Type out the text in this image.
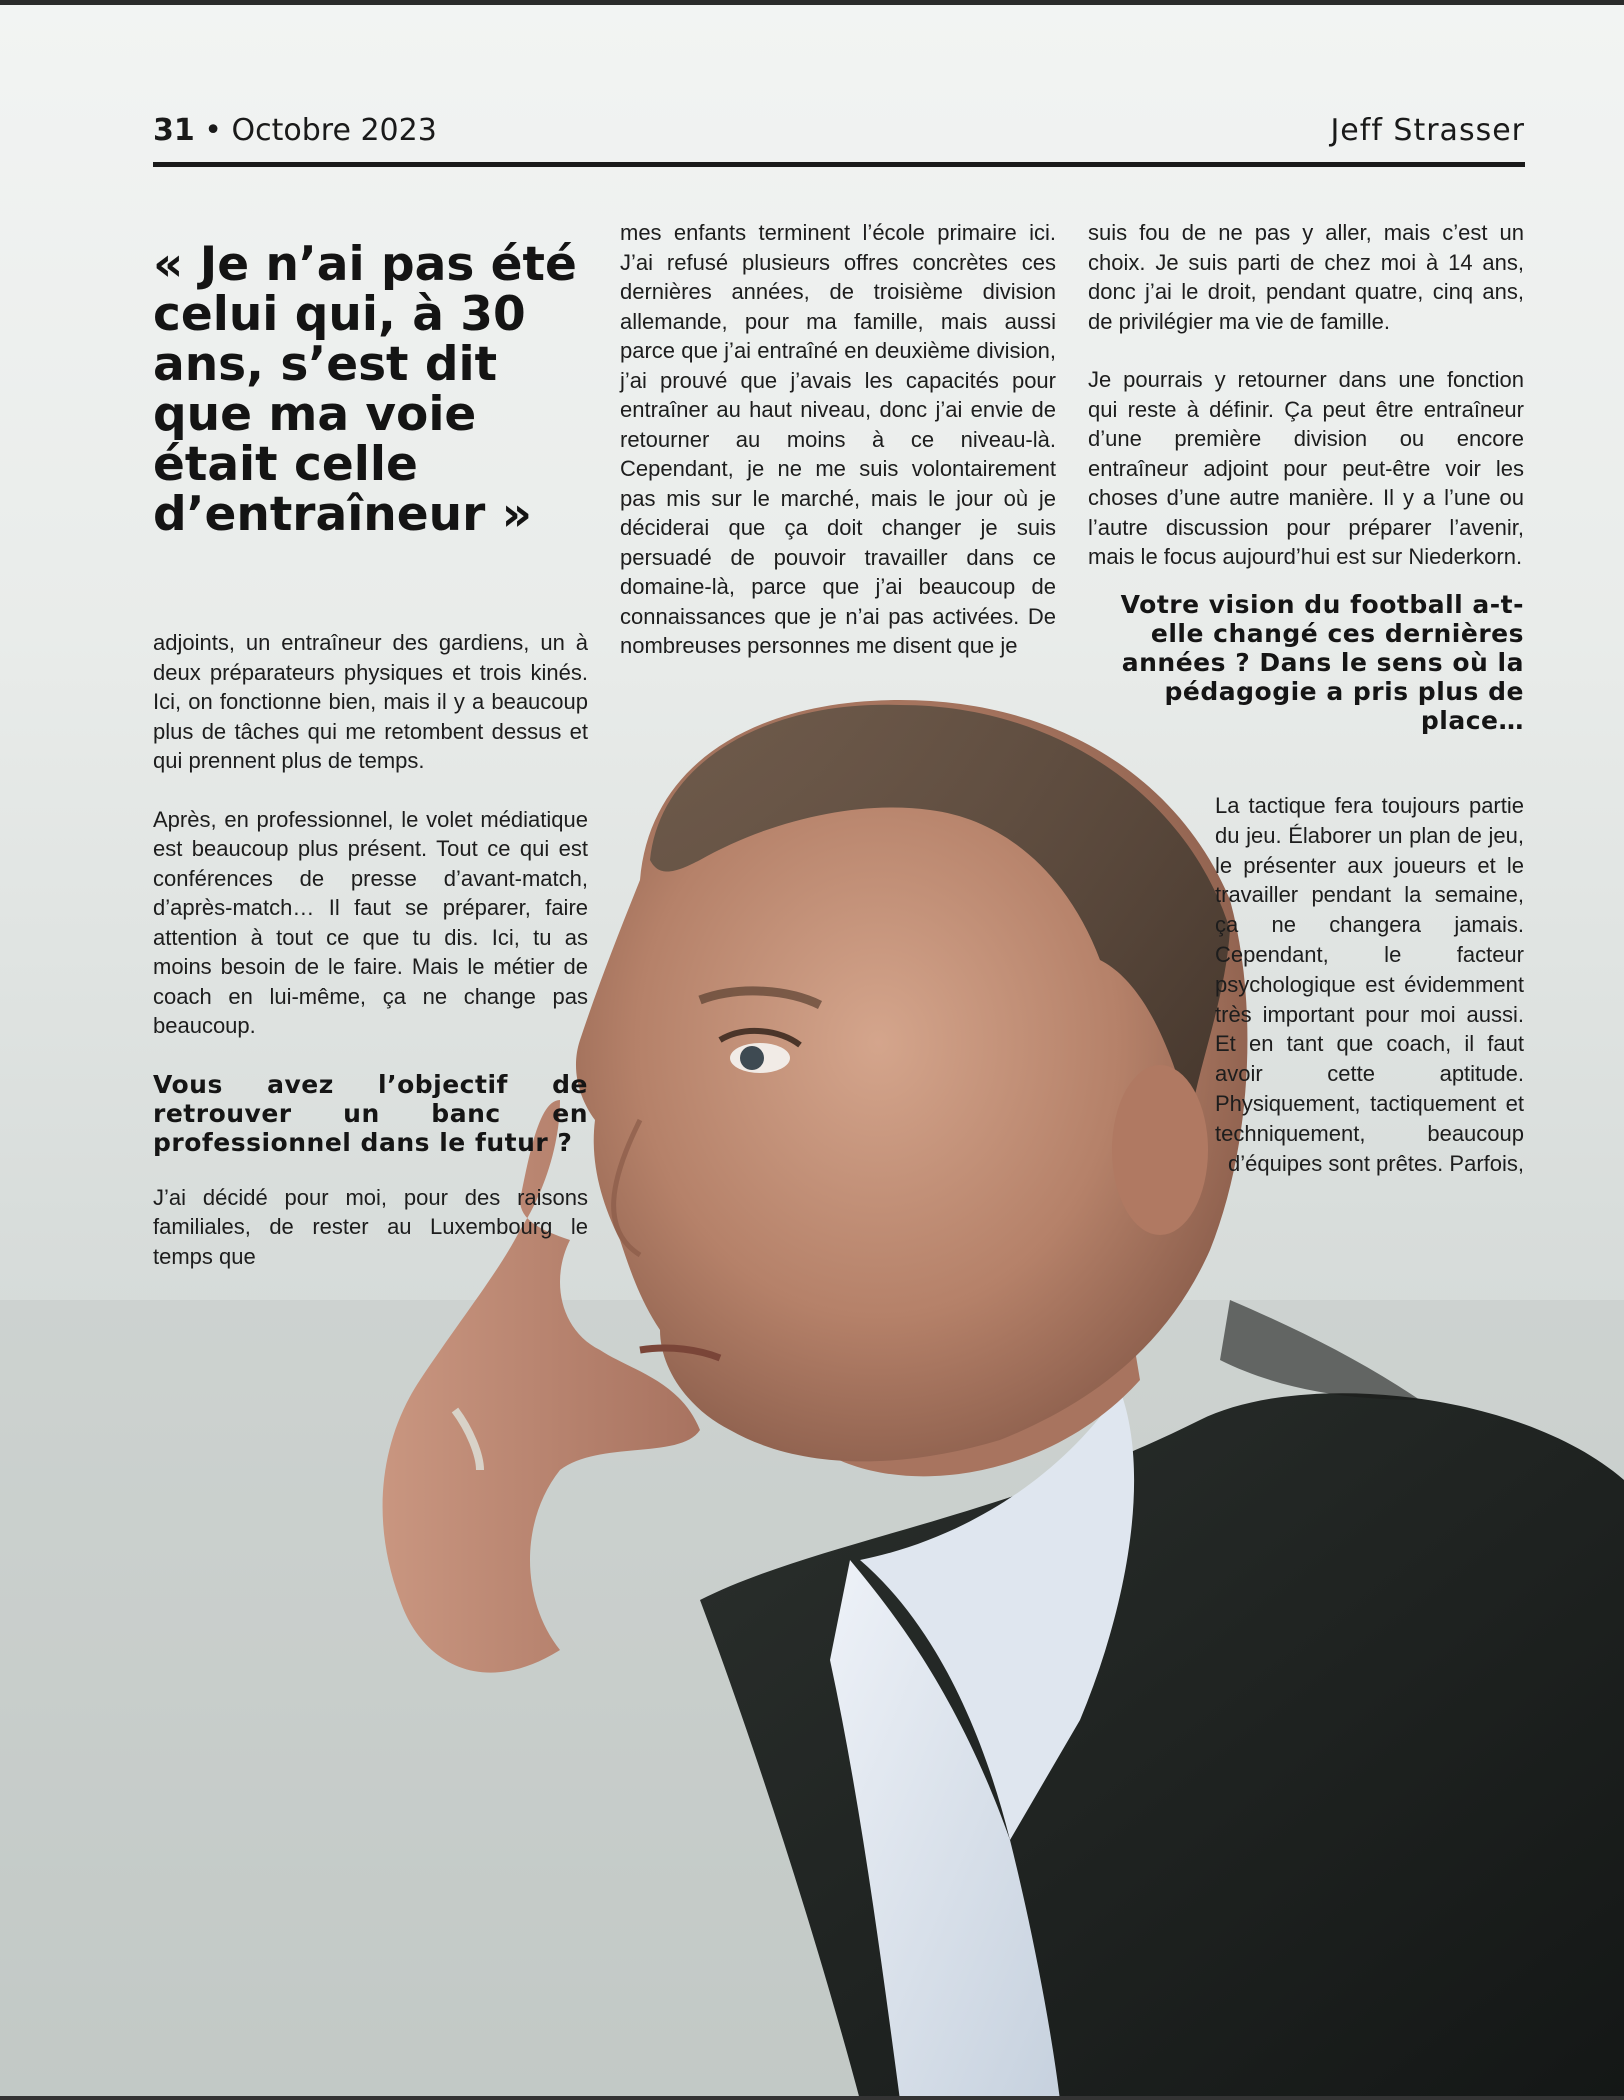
31 • Octobre 2023	Jeff Strasser
« Je n’ai pas été celui qui, à 30 ans, s’est dit que ma voie était celle d’entraîneur »

adjoints, un entraîneur des gardiens, un à deux préparateurs physiques et trois kinés. Ici, on fonctionne bien, mais il y a beaucoup plus de tâches qui me retombent dessus et qui prennent plus de temps.

Après, en professionnel, le volet médiatique est beaucoup plus présent. Tout ce qui est conférences de presse d’avant-match, d’après-match… Il faut se préparer, faire attention à tout ce que tu dis. Ici, tu as moins besoin de le faire. Mais le métier de coach en lui-même, ça ne change pas beaucoup.

Vous avez l’objectif de retrouver un banc en professionnel dans le futur ?

J’ai décidé pour moi, pour des raisons familiales, de rester au Luxembourg le temps que

mes enfants terminent l’école primaire ici. J’ai refusé plusieurs offres concrètes ces dernières années, de troisième division allemande, pour ma famille, mais aussi parce que j’ai entraîné en deuxième division, j’ai prouvé que j’avais les capacités pour entraîner au haut niveau, donc j’ai envie de retourner au moins à ce niveau-là. Cependant, je ne me suis volontairement pas mis sur le marché, mais le jour où je déciderai que ça doit changer je suis persuadé de pouvoir travailler dans ce domaine-là, parce que j’ai beaucoup de connaissances que je n’ai pas activées. De nombreuses personnes me disent que je

suis fou de ne pas y aller, mais c’est un choix. Je suis parti de chez moi à 14 ans, donc j’ai le droit, pendant quatre, cinq ans, de privilégier ma vie de famille.

Je pourrais y retourner dans une fonction qui reste à définir. Ça peut être entraîneur d’une première division ou encore entraîneur adjoint pour peut-être voir les choses d’une autre manière. Il y a l’une ou l’autre discussion pour préparer l’avenir, mais le focus aujourd’hui est sur Niederkorn.

Votre vision du football a-t-elle changé ces dernières années ? Dans le sens où la pédagogie a pris plus de place…

La tactique fera toujours partie du jeu. Élaborer un plan de jeu, le présenter aux joueurs et le travailler pendant la semaine, ça ne changera jamais. Cependant, le facteur psychologique est évidemment très important pour moi aussi. Et en tant que coach, il faut avoir cette aptitude. Physiquement, tactiquement et techniquement, beaucoup d’équipes sont prêtes. Parfois,
